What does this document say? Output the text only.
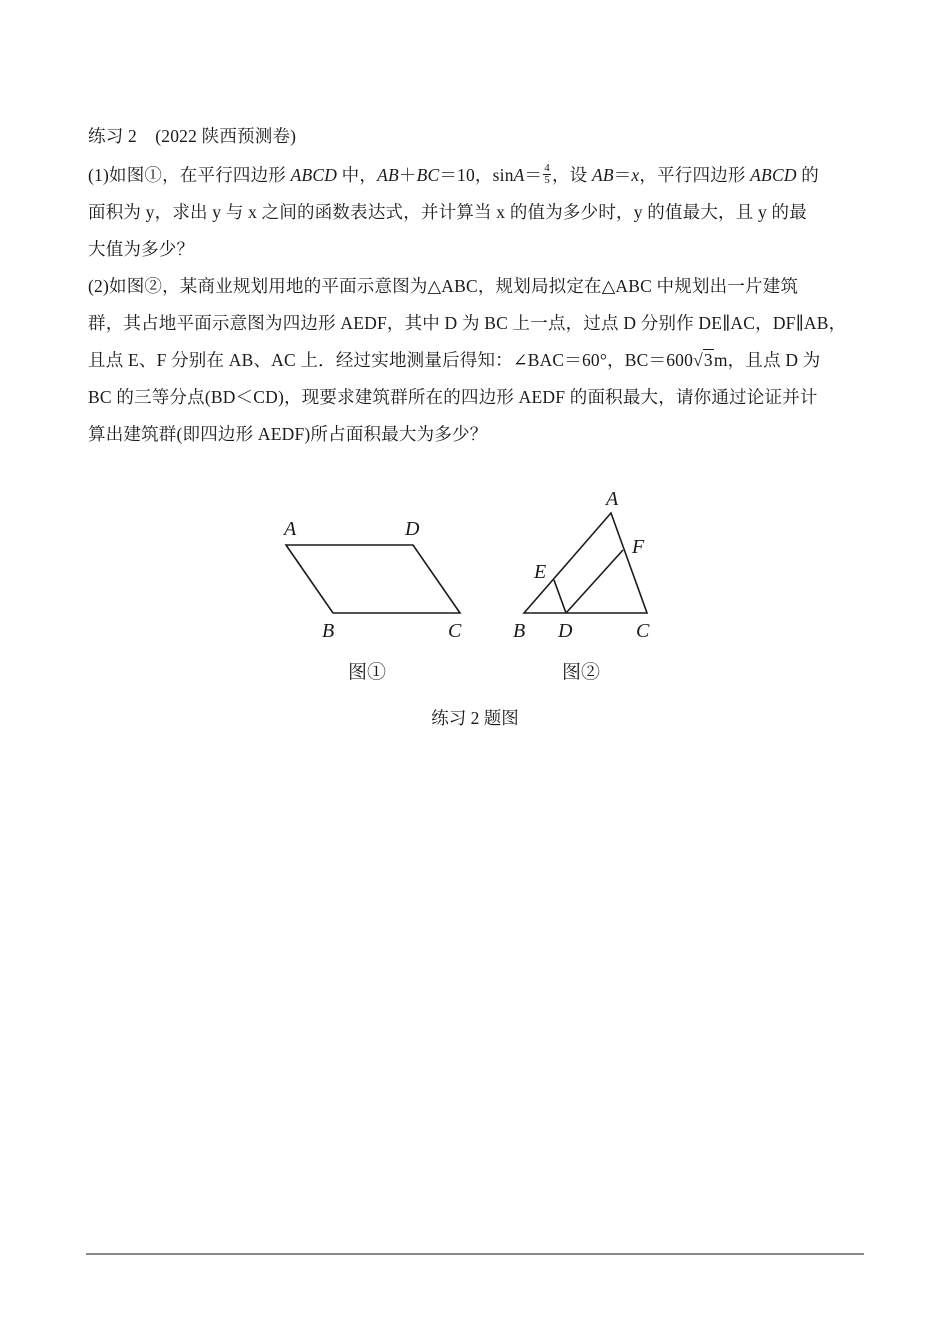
练习 2 (2022 陕西预测卷)
(1)如图①，在平行四边形 ABCD 中，AB＋BC＝10，$\sin A= \frac{4}{5}$ ，设 AB＝x，平行四边形 ABCD 的
面积为 y，求出 y 与 x 之间的函数表达式，并计算当 x 的值为多少时，y 的值最大，且 y 的最
大值为多少？
(2)如图②，某商业规划用地的平面示意图为△ABC，规划局拟定在△ABC 中规划出一片建筑
群，其占地平面示意图为四边形 AEDF，其中 D 为 BC 上一点，过点 D 分别作 DE∥AC，DF∥AB，
且点 E、F 分别在 AB、AC 上．经过实地测量后得知：∠BAC＝60°，BC＝600√3m，且点 D 为
BC 的三等分点(BD＜CD)，现要求建筑群所在的四边形 AEDF 的面积最大，请你通过论证并计
算出建筑群(即四边形 AEDF)所占面积最大为多少？
A	D
B	C
图①
A
F
E
B D	C
图②
练习 2 题图
